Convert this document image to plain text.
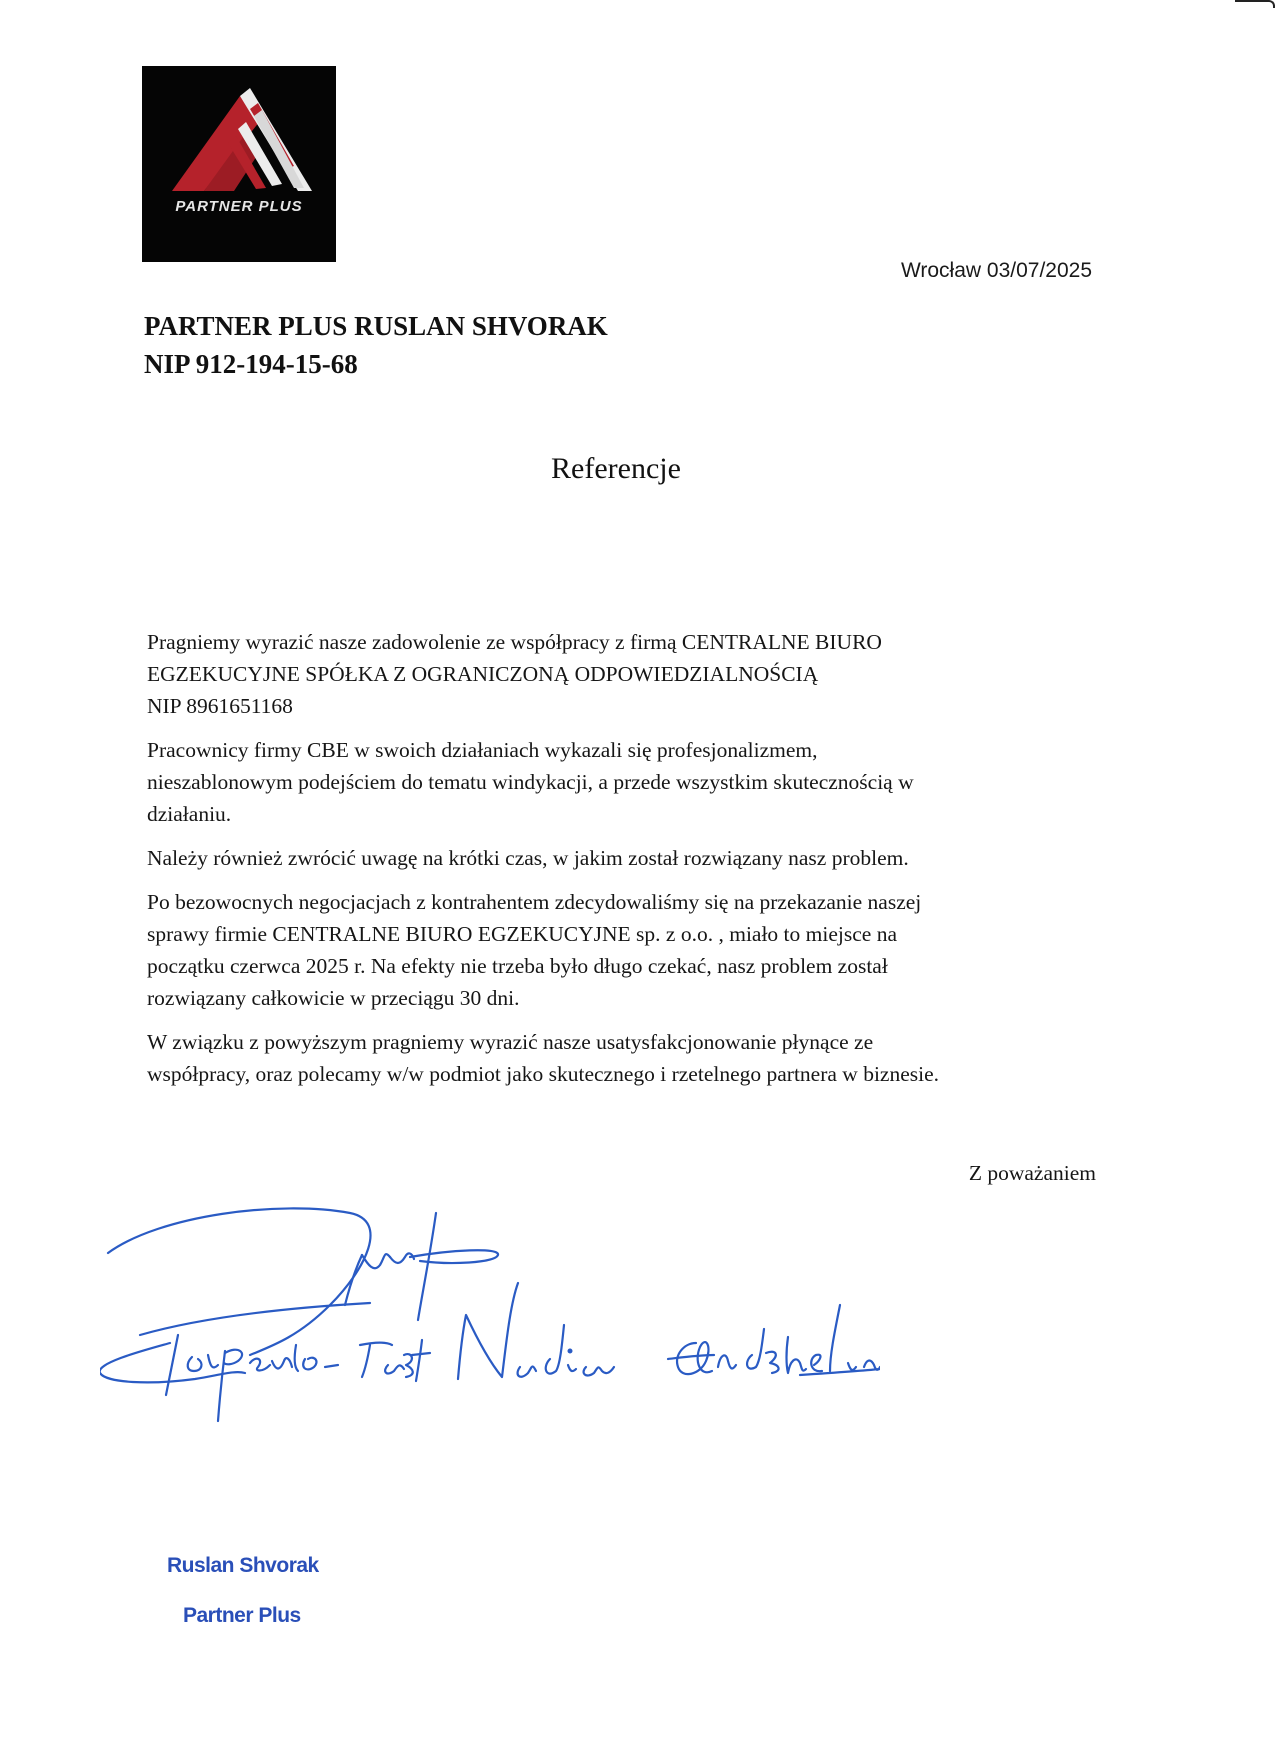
PARTNER PLUS
Wrocław 03/07/2025
PARTNER PLUS RUSLAN SHVORAK
NIP 912-194-15-68
Referencje

Pragniemy wyrazić nasze zadowolenie ze współpracy z firmą CENTRALNE BIURO
EGZEKUCYJNE SPÓŁKA Z OGRANICZONĄ ODPOWIEDZIALNOŚCIĄ
NIP 8961651168

Pracownicy firmy CBE w swoich działaniach wykazali się profesjonalizmem,
nieszablonowym podejściem do tematu windykacji, a przede wszystkim skutecznością w
działaniu.

Należy również zwrócić uwagę na krótki czas, w jakim został rozwiązany nasz problem.

Po bezowocnych negocjacjach z kontrahentem zdecydowaliśmy się na przekazanie naszej
sprawy firmie CENTRALNE BIURO EGZEKUCYJNE sp. z o.o. , miało to miejsce na
początku czerwca 2025 r. Na efekty nie trzeba było długo czekać, nasz problem został
rozwiązany całkowicie w przeciągu 30 dni.

W związku z powyższym pragniemy wyrazić nasze usatysfakcjonowanie płynące ze
współpracy, oraz polecamy w/w podmiot jako skutecznego i rzetelnego partnera w biznesie.

Z poważaniem
Ruslan Shvorak
Partner Plus
